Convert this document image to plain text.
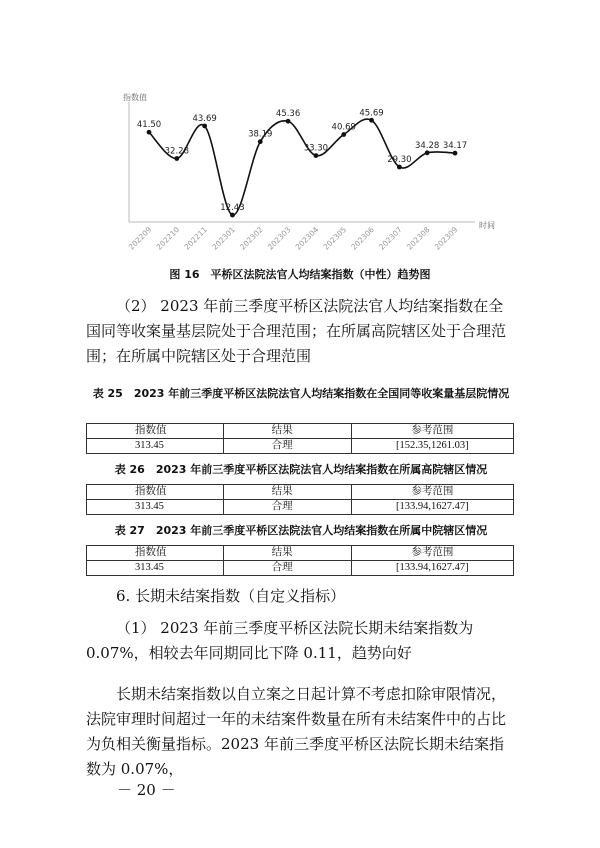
指数值
时间
41.50
202209
32.28
202210
43.69
202211
12.43
202301
38.19
202302
45.36
202303
33.30
202304
40.69
202305
45.69
202306
29.30
202307
34.28
202308
34.17
202309
图 16　平桥区法院法官人均结案指数（中性）趋势图
（2） 2023 年前三季度平桥区法院法官人均结案指数在全国同等收案量基层院处于合理范围；在所属高院辖区处于合理范围；在所属中院辖区处于合理范围
表 25　2023 年前三季度平桥区法院法官人均结案指数在全国同等收案量基层院情况
指数值	结果	参考范围
313.45	合理	[152.35,1261.03]
表 26　2023 年前三季度平桥区法院法官人均结案指数在所属高院辖区情况
指数值	结果	参考范围
313.45	合理	[133.94,1627.47]
表 27　2023 年前三季度平桥区法院法官人均结案指数在所属中院辖区情况
指数值	结果	参考范围
313.45	合理	[133.94,1627.47]
6. 长期未结案指数（自定义指标）
（1） 2023 年前三季度平桥区法院长期未结案指数为 0.07%，相较去年同期同比下降 0.11，趋势向好
长期未结案指数以自立案之日起计算不考虑扣除审限情况，法院审理时间超过一年的未结案件数量在所有未结案件中的占比为负相关衡量指标。2023 年前三季度平桥区法院长期未结案指数为 0.07%，
－ 20 －
